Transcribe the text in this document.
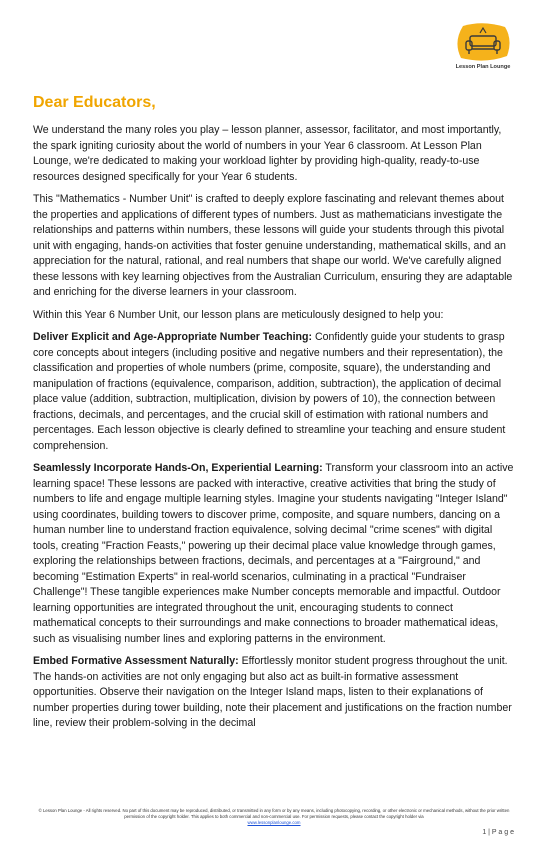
Lesson Plan Lounge
Dear Educators,

We understand the many roles you play – lesson planner, assessor, facilitator, and most importantly, the spark igniting curiosity about the world of numbers in your Year 6 classroom. At Lesson Plan Lounge, we're dedicated to making your workload lighter by providing high-quality, ready-to-use resources designed specifically for your Year 6 students.

This "Mathematics - Number Unit" is crafted to deeply explore fascinating and relevant themes about the properties and applications of different types of numbers. Just as mathematicians investigate the relationships and patterns within numbers, these lessons will guide your students through this pivotal unit with engaging, hands-on activities that foster genuine understanding, mathematical skills, and an appreciation for the natural, rational, and real numbers that shape our world. We've carefully aligned these lessons with key learning objectives from the Australian Curriculum, ensuring they are adaptable and enriching for the diverse learners in your classroom.

Within this Year 6 Number Unit, our lesson plans are meticulously designed to help you:

Deliver Explicit and Age-Appropriate Number Teaching: Confidently guide your students to grasp core concepts about integers (including positive and negative numbers and their representation), the classification and properties of whole numbers (prime, composite, square), the understanding and manipulation of fractions (equivalence, comparison, addition, subtraction), the application of decimal place value (addition, subtraction, multiplication, division by powers of 10), the connection between fractions, decimals, and percentages, and the crucial skill of estimation with rational numbers and percentages. Each lesson objective is clearly defined to streamline your teaching and ensure student comprehension.

Seamlessly Incorporate Hands-On, Experiential Learning: Transform your classroom into an active learning space! These lessons are packed with interactive, creative activities that bring the study of numbers to life and engage multiple learning styles. Imagine your students navigating "Integer Island" using coordinates, building towers to discover prime, composite, and square numbers, dancing on a human number line to understand fraction equivalence, solving decimal "crime scenes" with digital tools, creating "Fraction Feasts," powering up their decimal place value knowledge through games, exploring the relationships between fractions, decimals, and percentages at a "Fairground," and becoming "Estimation Experts" in real-world scenarios, culminating in a practical "Fundraiser Challenge"! These tangible experiences make Number concepts memorable and impactful. Outdoor learning opportunities are integrated throughout the unit, encouraging students to connect mathematical concepts to their surroundings and make connections to broader mathematical ideas, such as visualising number lines and exploring patterns in the environment.

Embed Formative Assessment Naturally: Effortlessly monitor student progress throughout the unit. The hands-on activities are not only engaging but also act as built-in formative assessment opportunities. Observe their navigation on the Integer Island maps, listen to their explanations of number properties during tower building, note their placement and justifications on the fraction number line, review their problem-solving in the decimal

© Lesson Plan Lounge - All rights reserved. No part of this document may be reproduced, distributed, or transmitted in any form or by any means, including photocopying, recording, or other electronic or mechanical methods, without the prior written permission of the copyright holder. This applies to both commercial and non-commercial use. For permission requests, please contact the copyright holder via
www.lessonplanlounge.com
1 | P a g e
